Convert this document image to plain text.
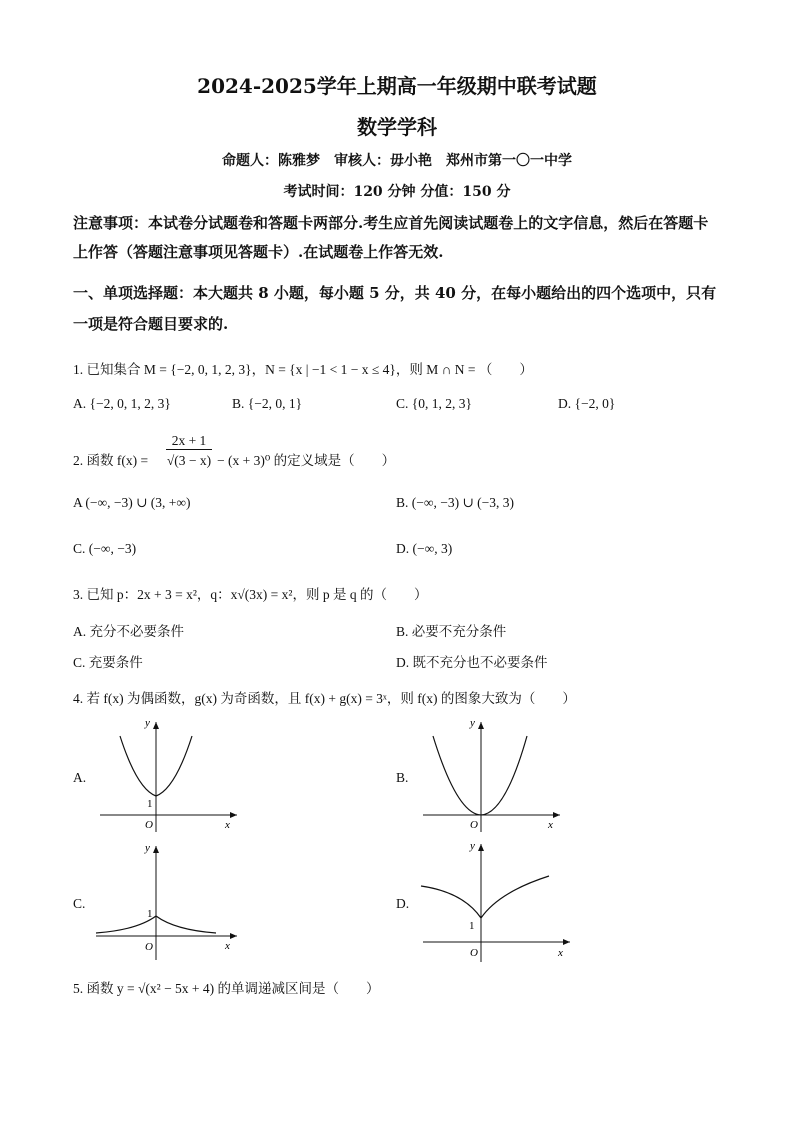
2024-2025学年上期高一年级期中联考试题
数学学科
命题人：陈雅梦　审核人：毋小艳　郑州市第一〇一中学
考试时间：120 分钟 分值：150 分
注意事项：本试卷分试题卷和答题卡两部分.考生应首先阅读试题卷上的文字信息，然后在答题卡上作答（答题注意事项见答题卡）.在试题卷上作答无效.
一、单项选择题：本大题共 8 小题，每小题 5 分，共 40 分，在每小题给出的四个选项中，只有一项是符合题目要求的.
1. 已知集合 M = {−2, 0, 1, 2, 3}，N = {x | −1 < 1 − x ≤ 4}，则 M ∩ N = （　　）
A. {−2, 0, 1, 2, 3}	B. {−2, 0, 1}	C. {0, 1, 2, 3}	D. {−2, 0}
2. 函数 f(x) =
2x + 1
√(3 − x) − (x + 3)⁰ 的定义域是（　　）
A (−∞, −3) ∪ (3, +∞)	B. (−∞, −3) ∪ (−3, 3)
C. (−∞, −3)	D. (−∞, 3)
3. 已知 p：2x + 3 = x²，q：x√(3x) = x²，则 p 是 q 的（　　）
A. 充分不必要条件	B. 必要不充分条件
C. 充要条件	D. 既不充分也不必要条件
4. 若 f(x) 为偶函数，g(x) 为奇函数，且 f(x) + g(x) = 3ˣ，则 f(x) 的图象大致为（　　）
A.	B.
C.	D.
x
y
O
1
x
y
O
x
y
O
1
x
y
O
1
5. 函数 y = √(x² − 5x + 4) 的单调递减区间是（　　）
